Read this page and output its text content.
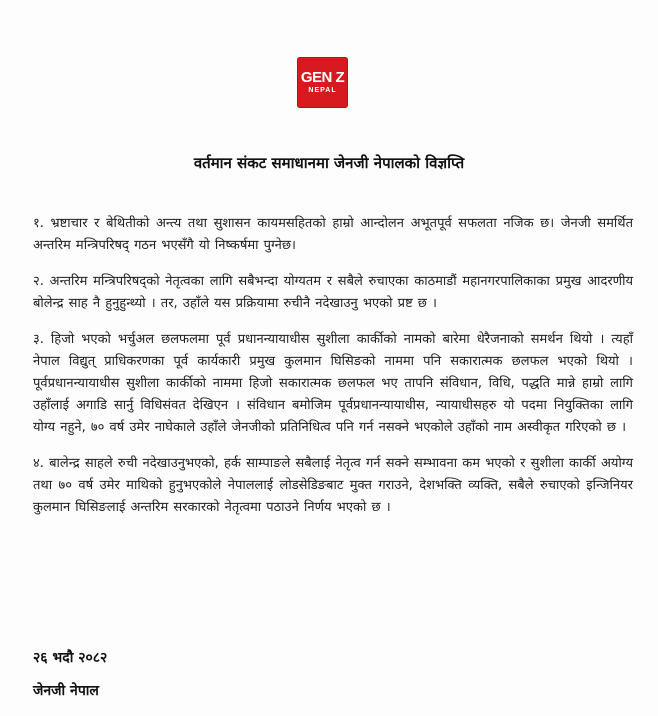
GEN Z
NEPAL
वर्तमान संकट समाधानमा जेनजी नेपालको विज्ञप्ति

१. भ्रष्टाचार र बेथितीको अन्त्य तथा सुशासन कायमसहितको हाम्रो आन्दोलन अभूतपूर्व सफलता नजिक छ। जेनजी समर्थित अन्तरिम मन्त्रिपरिषद् गठन भएसँगै यो निष्कर्षमा पुग्नेछ।

२. अन्तरिम मन्त्रिपरिषद्को नेतृत्वका लागि सबैभन्दा योग्यतम र सबैले रुचाएका काठमाडौं महानगरपालिकाका प्रमुख आदरणीय बोलेन्द्र साह नै हुनुहुन्थ्यो । तर, उहाँले यस प्रक्रियामा रुचीनै नदेखाउनु भएको प्रष्ट छ ।

३. हिजो भएको भर्चुअल छलफलमा पूर्व प्रधानन्यायाधीस सुशीला कार्कीको नामको बारेमा धेरैजनाको समर्थन थियो । त्यहाँ नेपाल विद्युत् प्राधिकरणका पूर्व कार्यकारी प्रमुख कुलमान घिसिङको नाममा पनि सकारात्मक छलफल भएको थियो । पूर्वप्रधानन्यायाधीस सुशीला कार्कीको नाममा हिजो सकारात्मक छलफल भए तापनि संविधान, विधि, पद्धति मान्ने हाम्रो लागि उहाँलाई अगाडि सार्नु विधिसंवत देखिएन । संविधान बमोजिम पूर्वप्रधानन्यायाधीस, न्यायाधीसहरु यो पदमा नियुक्तिका लागि योग्य नहुने, ७० वर्ष उमेर नाघेकाले उहाँले जेनजीको प्रतिनिधित्व पनि गर्न नसक्ने भएकोले उहाँको नाम अस्वीकृत गरिएको छ ।

४. बालेन्द्र साहले रुची नदेखाउनुभएको, हर्क साम्पाङले सबैलाई नेतृत्व गर्न सक्ने सम्भावना कम भएको र सुशीला कार्की अयोग्य तथा ७० वर्ष उमेर माथिको हुनुभएकोले नेपाललाई लोडसेडिङबाट मुक्त गराउने, देशभक्ति व्यक्ति, सबैले रुचाएको इन्जिनियर कुलमान घिसिङलाई अन्तरिम सरकारको नेतृत्वमा पठाउने निर्णय भएको छ ।

२६ भदौ २०८२
जेनजी नेपाल
